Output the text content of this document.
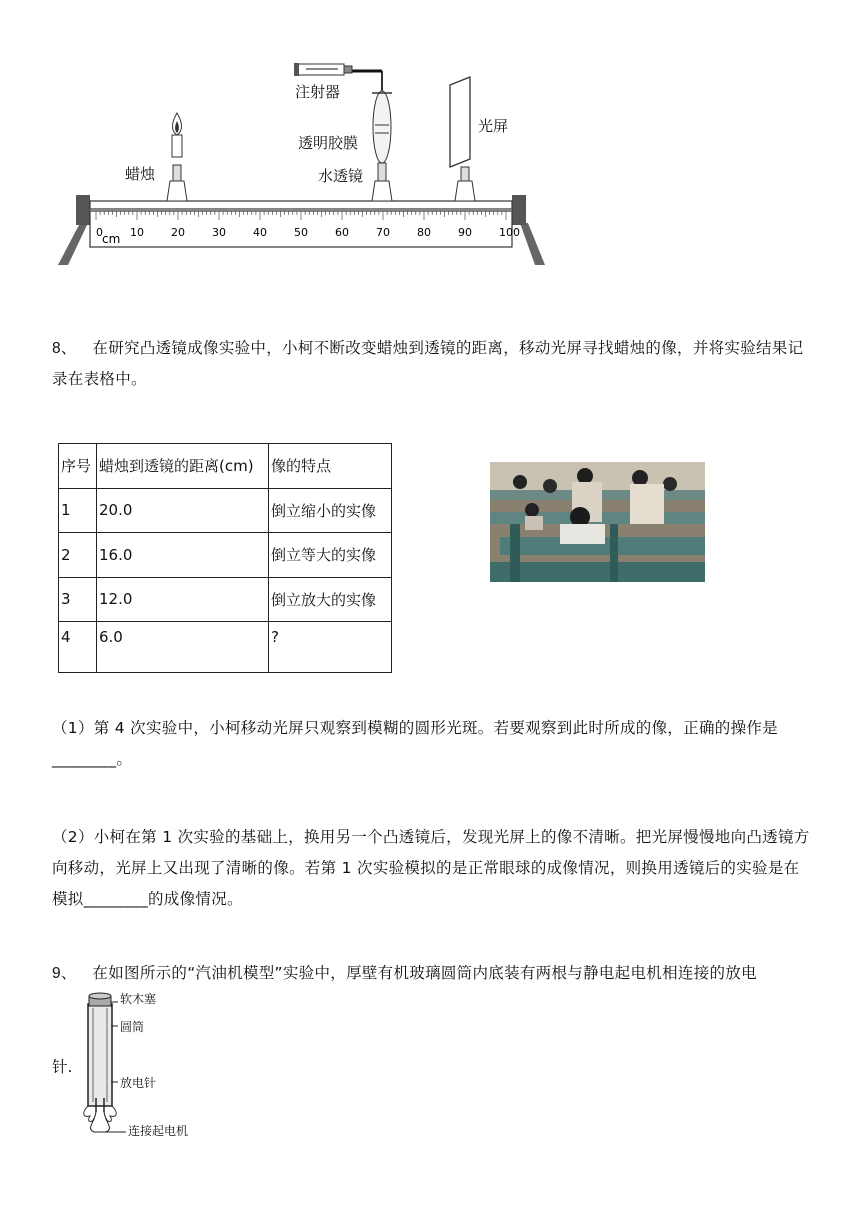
0 10 20 30 40 50 60 70 80 90 100
cm
注射器
透明胶膜
水透镜
光屏
蜡烛
8、 在研究凸透镜成像实验中，小柯不断改变蜡烛到透镜的距离，移动光屏寻找蜡烛的像，并将实验结果记录在表格中。
序号	蜡烛到透镜的距离(cm)	像的特点
1	20.0	倒立缩小的实像
2	16.0	倒立等大的实像
3	12.0	倒立放大的实像
4	6.0	?
（1）第 4 次实验中，小柯移动光屏只观察到模糊的圆形光斑。若要观察到此时所成的像，正确的操作是________。
（2）小柯在第 1 次实验的基础上，换用另一个凸透镜后，发现光屏上的像不清晰。把光屏慢慢地向凸透镜方向移动，光屏上又出现了清晰的像。若第 1 次实验模拟的是正常眼球的成像情况，则换用透镜后的实验是在模拟________的成像情况。
9、 在如图所示的“汽油机模型”实验中，厚壁有机玻璃圆筒内底装有两根与静电起电机相连接的放电
软木塞
圆筒
放电针
连接起电机
针.
